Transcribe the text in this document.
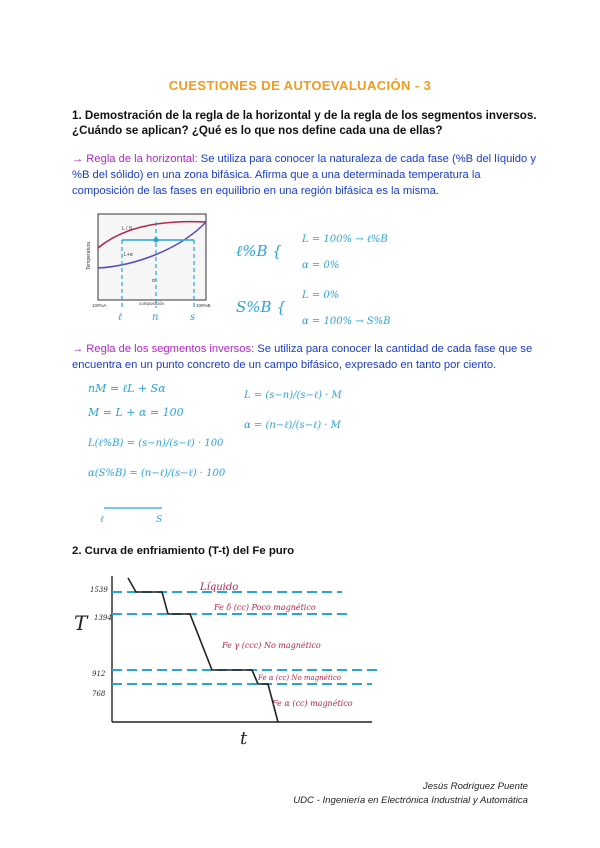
CUESTIONES DE AUTOEVALUACIÓN - 3
1. Demostración de la regla de la horizontal y de la regla de los segmentos inversos. ¿Cuándo se aplican? ¿Qué es lo que nos define cada una de ellas?
→ Regla de la horizontal: Se utiliza para conocer la naturaleza de cada fase (%B del líquido y %B del sólido) en una zona bifásica. Afirma que a una determinada temperatura la composición de las fases en equilibrio en una región bifásica es la misma.
Temperatura
L / S
L+α
α
100%A	composición	100%B
ℓ	n	s
ℓ%B {
L = 100% → ℓ%B
α = 0%
S%B {
L = 0%
α = 100% → S%B
→ Regla de los segmentos inversos: Se utiliza para conocer la cantidad de cada fase que se encuentra en un punto concreto de un campo bifásico, expresado en tanto por ciento.
nM = ℓL + Sα
M = L + α = 100
L = (s−n)/(s−ℓ) · M
α = (n−ℓ)/(s−ℓ) · M
L(ℓ%B) = (s−n)/(s−ℓ) · 100
α(S%B) = (n−ℓ)/(s−ℓ) · 100
ℓ	S
2. Curva de enfriamiento (T-t) del Fe puro
T
t
1539
1394
912
768
Líquido
Fe δ (cc) Poco magnético
Fe γ (ccc) No magnético
Fe α (cc) No magnético
Fe α (cc) magnético
Jesús Rodríguez Puente
UDC - Ingeniería en Electrónica Industrial y Automática
